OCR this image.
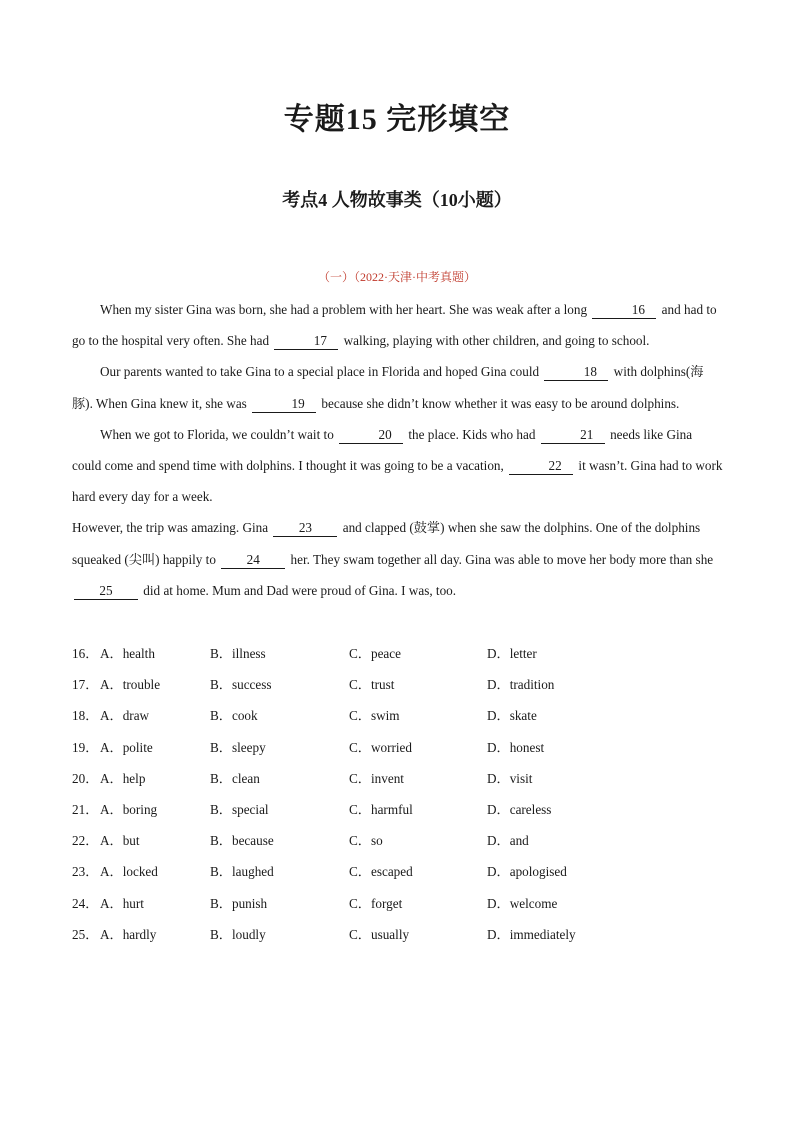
专题15 完形填空
考点4 人物故事类（10小题）
（一）（2022·天津·中考真题）

When my sister Gina was born, she had a problem with her heart. She was weak after a long	16 and had to go to the hospital very often. She had	17 walking, playing with other children, and going to school.

Our parents wanted to take Gina to a special place in Florida and hoped Gina could	18 with dolphins(海豚). When Gina knew it, she was	19 because she didn’t know whether it was easy to be around dolphins.

When we got to Florida, we couldn’t wait to	20 the place. Kids who had	21 needs like Gina could come and spend time with dolphins. I thought it was going to be a vacation,	22 it wasn’t. Gina had to work hard every day for a week.

However, the trip was amazing. Gina 23 and clapped (鼓掌) when she saw the dolphins. One of the dolphins squeaked (尖叫) happily to 24 her. They swam together all day. Gina was able to move her body more than she 25 did at home. Mum and Dad were proud of Gina. I was, too.

16． A．health	B．illness	C．peace	D．letter
17． A．trouble	B．success	C．trust	D．tradition
18． A．draw	B．cook	C．swim	D．skate
19． A．polite	B．sleepy	C．worried	D．honest
20． A．help	B．clean	C．invent	D．visit
21． A．boring	B．special	C．harmful	D．careless
22． A．but	B．because	C．so	D．and
23． A．locked	B．laughed	C．escaped	D．apologised
24． A．hurt	B．punish	C．forget	D．welcome
25． A．hardly	B．loudly	C．usually	D．immediately
